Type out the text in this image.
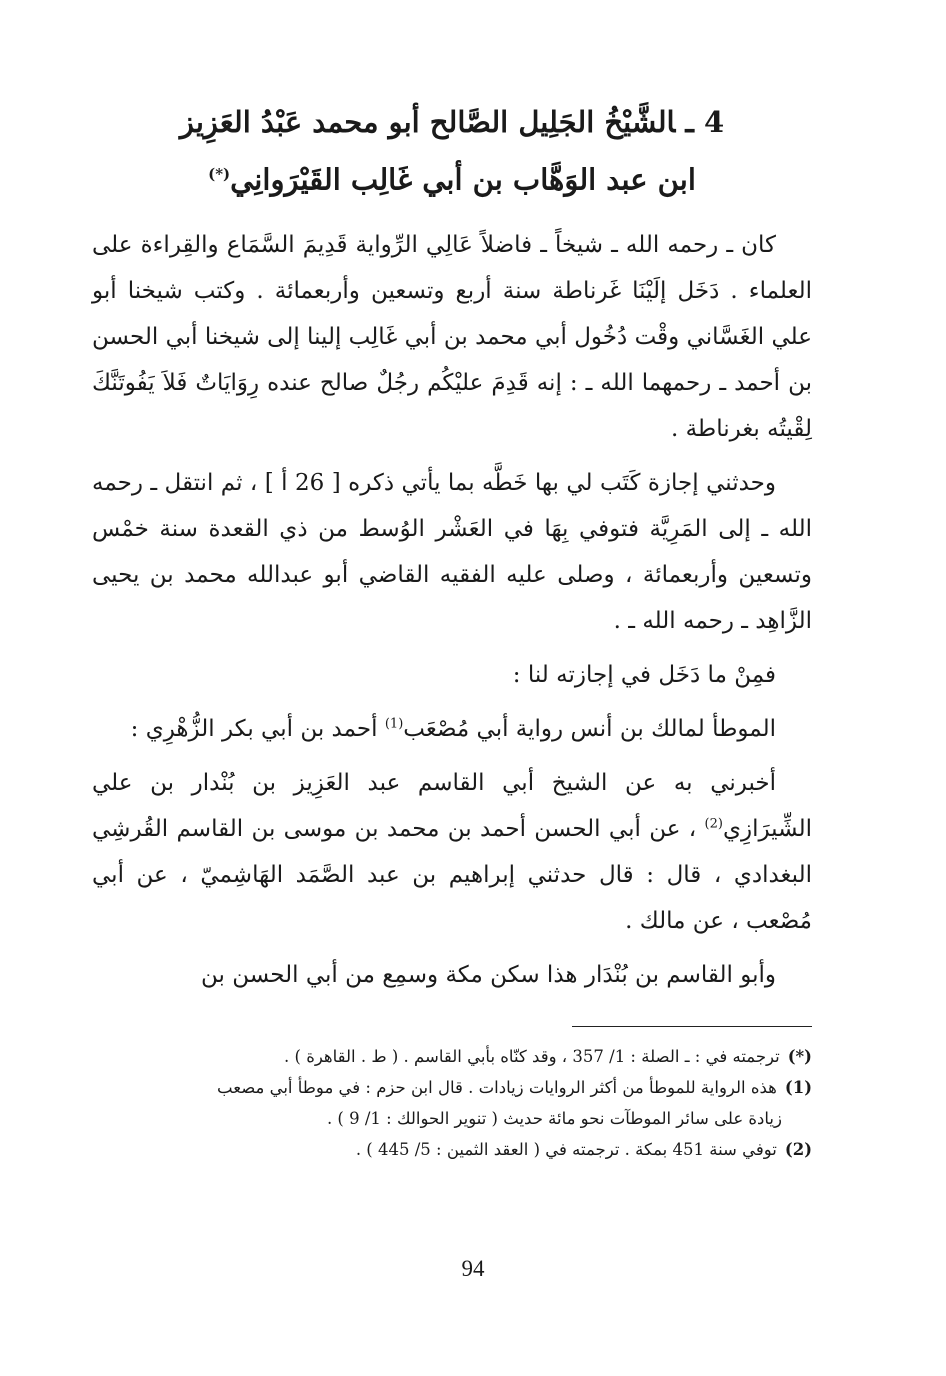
4 ـالشَّيْخُ الجَلِيل الصَّالح أبو محمد عَبْدُ العَزِيز
ابن عبد الوَهَّاب بن أبي غَالِب القَيْرَوانِي(*)

كان ـ رحمه الله ـ شيخاً ـ فاضلاً عَالِي الرِّواية قَدِيمَ السَّمَاع والقِراءة على العلماء . دَخَل إلَيْنَا غَرناطة سنة أربع وتسعين وأربعمائة . وكتب شيخنا أبو علي الغَسَّاني وقْت دُخُول أبي محمد بن أبي غَالِب إلينا إلى شيخنا أبي الحسن بن أحمد ـ رحمهما الله ـ : إنه قَدِمَ عليْكُم رجُلٌ صالح عنده رِوَايَاتٌ فَلاَ يَفُوتَنَّكَ لِقْيتُه بغرناطة .

وحدثني إجازة كَتَب لي بها خَطَّه بما يأتي ذكره [ 26 أ ] ، ثم انتقل ـ رحمه الله ـ إلى المَرِيَّة فتوفي بِهَا في العَشْر الوُسط من ذي القعدة سنة خمْس وتسعين وأربعمائة ، وصلى عليه الفقيه القاضي أبو عبدالله محمد بن يحيى الزَّاهِد ـ رحمه الله ـ .

فمِنْ ما دَخَل في إجازته لنا :

الموطأ لمالك بن أنس رواية أبي مُصْعَب$^{(1)}$ أحمد بن أبي بكر الزُّهْرِي :

أخبرني به عن الشيخ أبي القاسم عبد العَزِيز بن بُنْدار بن علي الشِّيرَازِي$^{(2)}$ ، عن أبي الحسن أحمد بن محمد بن موسى بن القاسم القُرشِي البغدادي ، قال : قال حدثني إبراهيم بن عبد الصَّمَد الهَاشِميّ ، عن أبي مُصْعب ، عن مالك .

وأبو القاسم بن بُنْدَار هذا سكن مكة وسمِع من أبي الحسن بن

(*)ترجمته في : ـ الصلة : 1/ 357 ، وقد كنّاه بأبي القاسم . ( ط . القاهرة ) .

(1)هذه الرواية للموطأ من أكثر الروايات زيادات . قال ابن حزم : في موطأ أبي مصعب
زيادة على سائر الموطآت نحو مائة حديث ( تنوير الحوالك : 1/ 9 ) .

(2)توفي سنة 451 بمكة . ترجمته في ( العقد الثمين : 5/ 445 ) .

94
